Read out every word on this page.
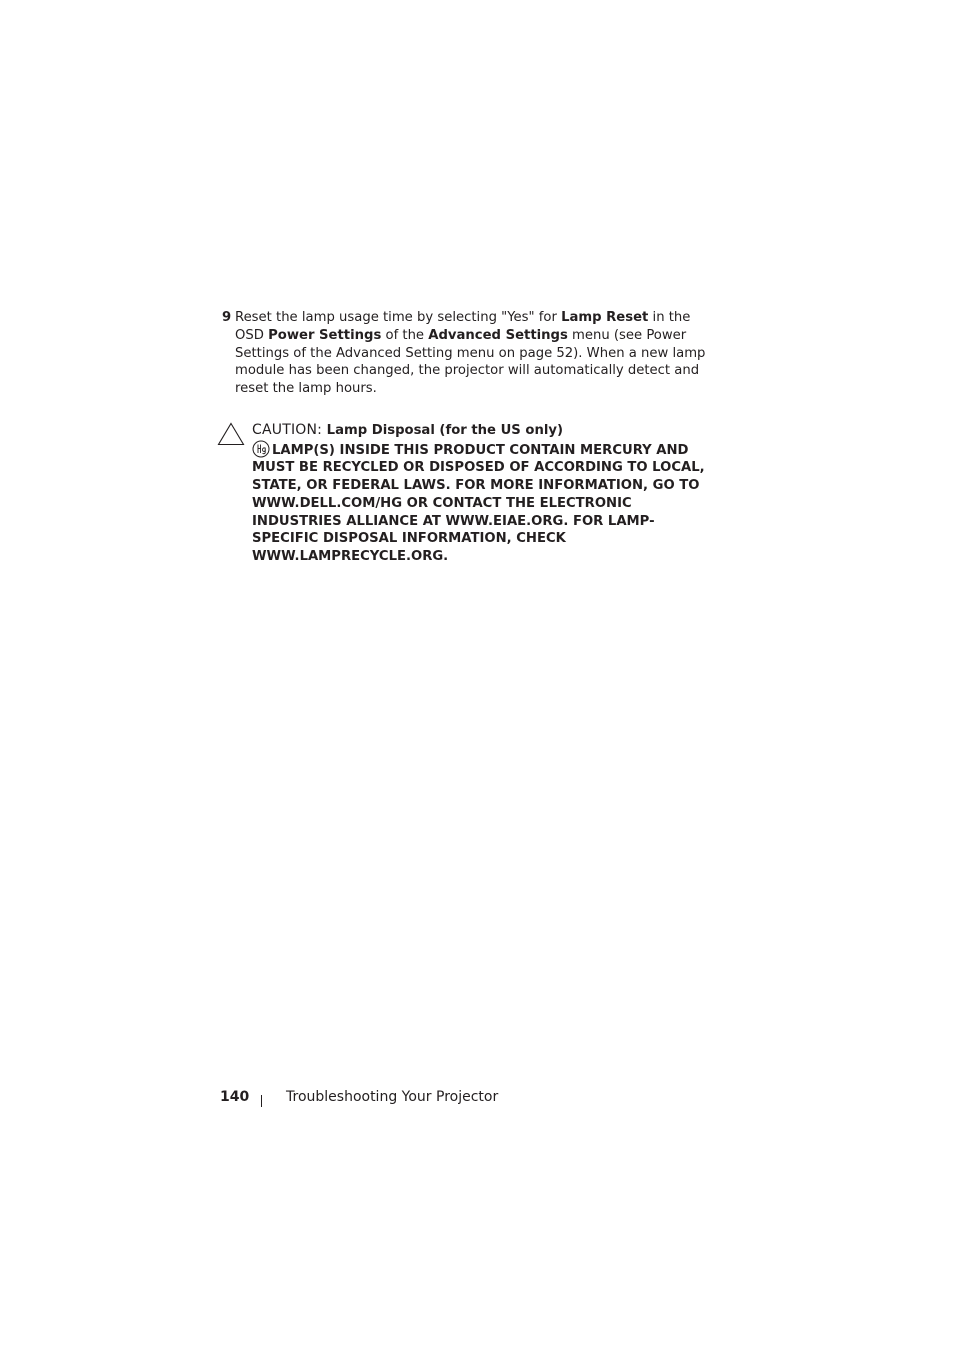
9 Reset the lamp usage time by selecting "Yes" for Lamp Reset in the OSD Power Settings of the Advanced Settings menu (see Power Settings of the Advanced Setting menu on page 52). When a new lamp module has been changed, the projector will automatically detect and reset the lamp hours.
CAUTION: Lamp Disposal (for the US only)
LAMP(S) INSIDE THIS PRODUCT CONTAIN MERCURY AND MUST BE RECYCLED OR DISPOSED OF ACCORDING TO LOCAL, STATE, OR FEDERAL LAWS. FOR MORE INFORMATION, GO TO WWW.DELL.COM/HG OR CONTACT THE ELECTRONIC INDUSTRIES ALLIANCE AT WWW.EIAE.ORG. FOR LAMP-SPECIFIC DISPOSAL INFORMATION, CHECK WWW.LAMPRECYCLE.ORG.
140	Troubleshooting Your Projector
